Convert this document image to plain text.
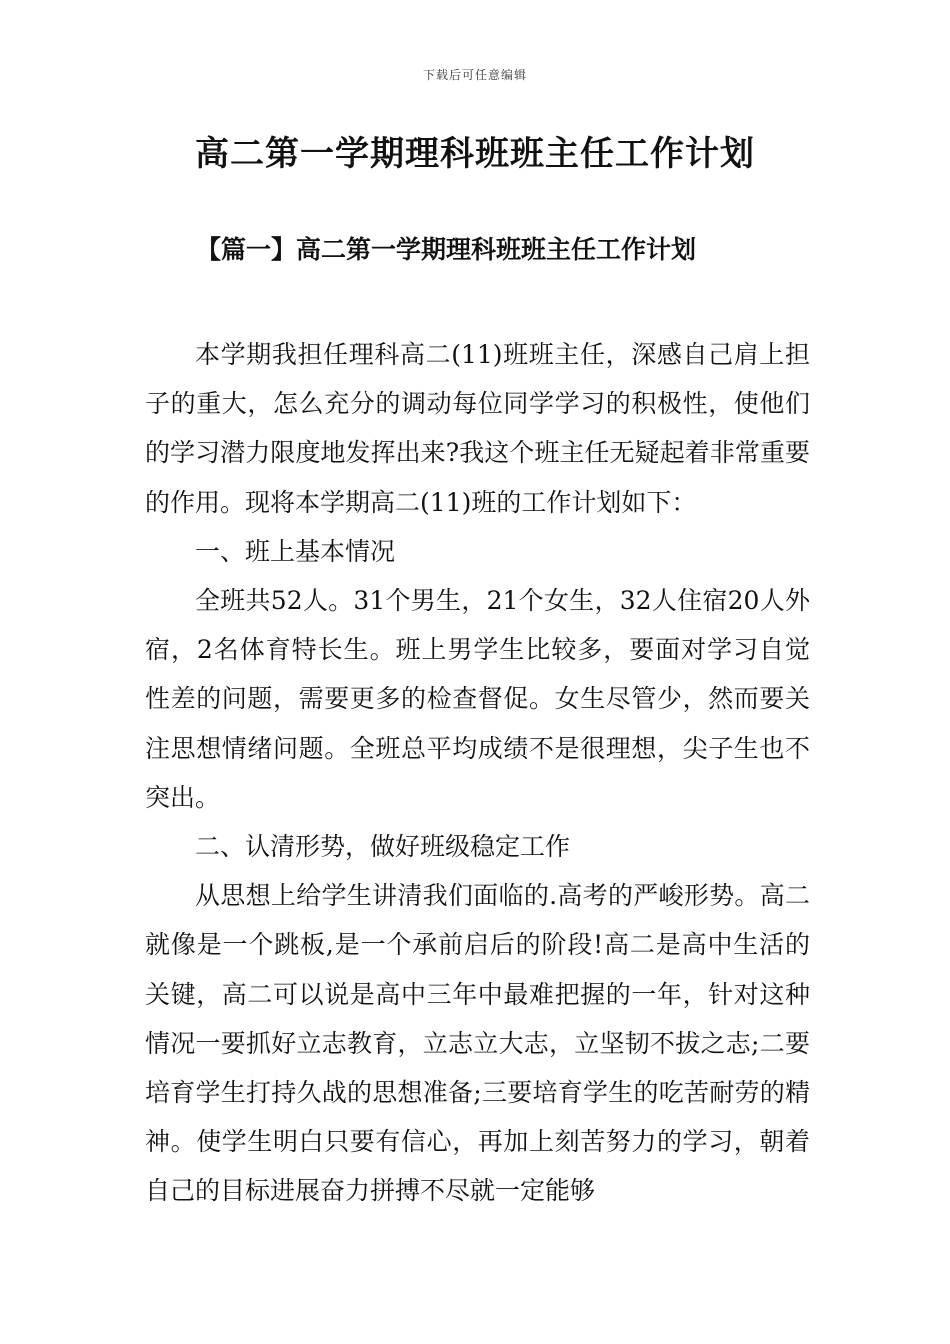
下载后可任意编辑
高二第一学期理科班班主任工作计划
【篇一】高二第一学期理科班班主任工作计划

本学期我担任理科高二(11)班班主任，深感自己肩上担子的重大，怎么充分的调动每位同学学习的积极性，使他们的学习潜力限度地发挥出来?我这个班主任无疑起着非常重要的作用。现将本学期高二(11)班的工作计划如下：

一、班上基本情况

全班共52人。31个男生，21个女生，32人住宿20人外宿，2名体育特长生。班上男学生比较多，要面对学习自觉性差的问题，需要更多的检查督促。女生尽管少，然而要关注思想情绪问题。全班总平均成绩不是很理想，尖子生也不突出。

二、认清形势，做好班级稳定工作

从思想上给学生讲清我们面临的.高考的严峻形势。高二就像是一个跳板,是一个承前启后的阶段!高二是高中生活的关键，高二可以说是高中三年中最难把握的一年，针对这种情况一要抓好立志教育，立志立大志，立坚韧不拔之志;二要培育学生打持久战的思想准备;三要培育学生的吃苦耐劳的精神。使学生明白只要有信心，再加上刻苦努力的学习，朝着自己的目标进展奋力拼搏不尽就一定能够
